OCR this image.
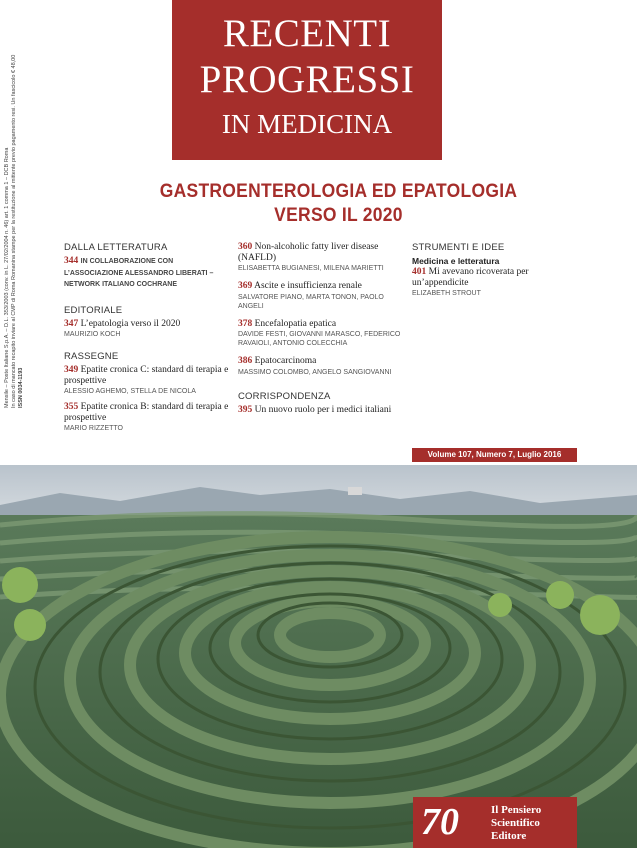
RECENTI
PROGRESSI
IN MEDICINA
GASTROENTEROLOGIA ED EPATOLOGIA
VERSO IL 2020
Mensile – Poste Italiane S.p.A. – D.L. 353/2003 (conv. in L. 27/02/2004 n. 46) art. 1 comma 1 – DCB Roma In caso di mancato recapito inviare al CMP di Roma Romanina stampe per la restituzione al mittente previo pagamento resi. Un fascicolo € 48,00 ISSN 0034-1193
DALLA LETTERATURA
344 IN COLLABORAZIONE CON L’ASSOCIAZIONE ALESSANDRO LIBERATI – NETWORK ITALIANO COCHRANE
EDITORIALE
347 L’epatologia verso il 2020
MAURIZIO KOCH
RASSEGNE
349 Epatite cronica C: standard di terapia e prospettive
ALESSIO AGHEMO, STELLA DE NICOLA
355 Epatite cronica B: standard di terapia e prospettive
MARIO RIZZETTO
360 Non-alcoholic fatty liver disease (NAFLD)
ELISABETTA BUGIANESI, MILENA MARIETTI
369 Ascite e insufficienza renale
SALVATORE PIANO, MARTA TONON, PAOLO ANGELI
378 Encefalopatia epatica
DAVIDE FESTI, GIOVANNI MARASCO, FEDERICO RAVAIOLI, ANTONIO COLECCHIA
386 Epatocarcinoma
MASSIMO COLOMBO, ANGELO SANGIOVANNI
CORRISPONDENZA
395 Un nuovo ruolo per i medici italiani
STRUMENTI E IDEE
Medicina e letteratura
401 Mi avevano ricoverata per un’appendicite
ELIZABETH STROUT
Volume 107, Numero 7, Luglio 2016
70	Il Pensiero
Scientifico
Editore
